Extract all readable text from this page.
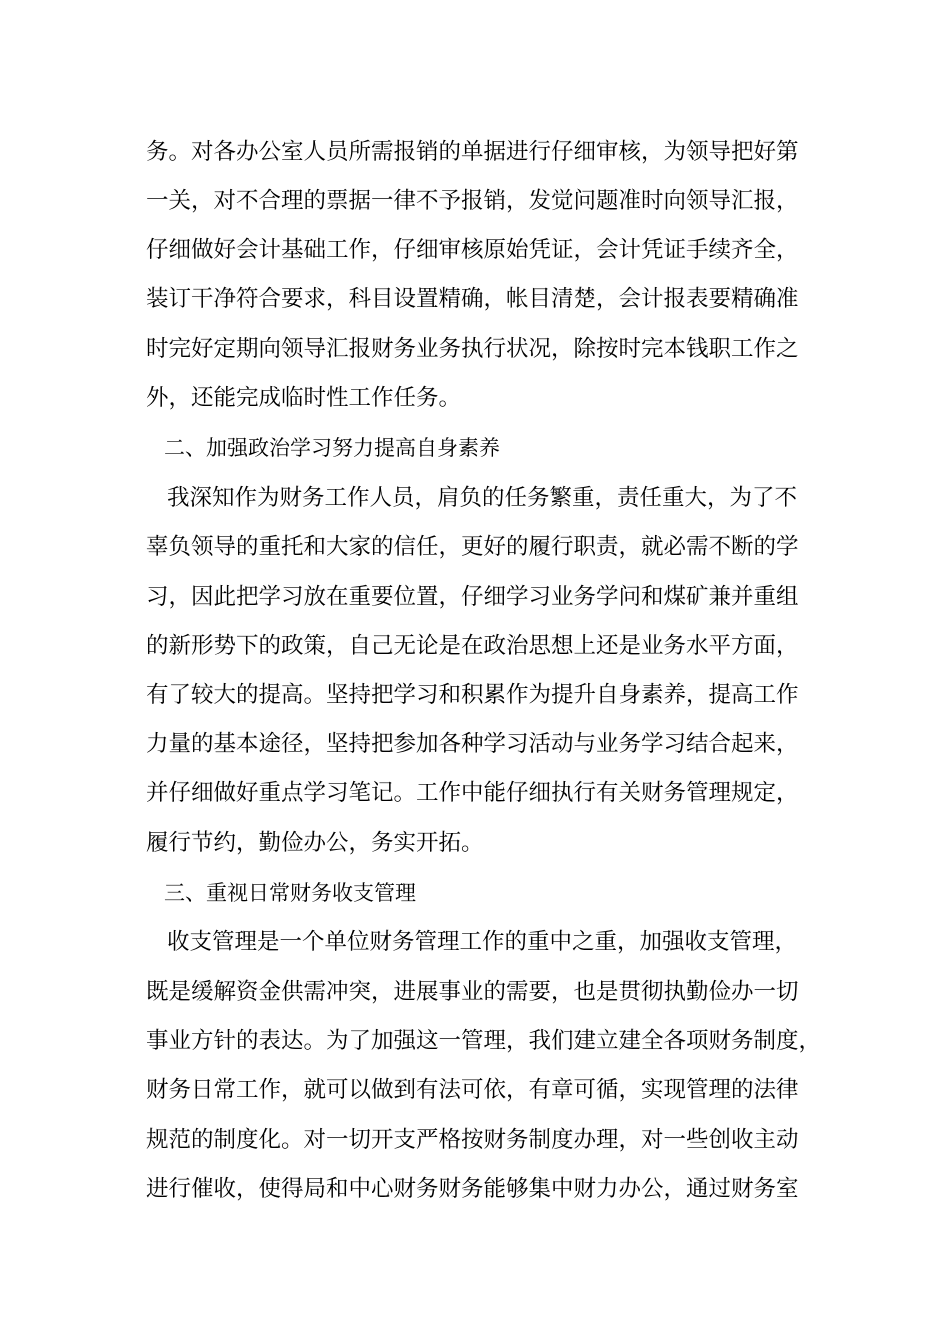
务。对各办公室人员所需报销的单据进行仔细审核，为领导把好第
一关，对不合理的票据一律不予报销，发觉问题准时向领导汇报，
仔细做好会计基础工作，仔细审核原始凭证，会计凭证手续齐全，
装订干净符合要求，科目设置精确，帐目清楚，会计报表要精确准
时完好定期向领导汇报财务业务执行状况，除按时完本钱职工作之
外，还能完成临时性工作任务。
二、加强政治学习努力提高自身素养
我深知作为财务工作人员，肩负的任务繁重，责任重大，为了不
辜负领导的重托和大家的信任，更好的履行职责，就必需不断的学
习，因此把学习放在重要位置，仔细学习业务学问和煤矿兼并重组
的新形势下的政策，自己无论是在政治思想上还是业务水平方面，
有了较大的提高。坚持把学习和积累作为提升自身素养，提高工作
力量的基本途径，坚持把参加各种学习活动与业务学习结合起来，
并仔细做好重点学习笔记。工作中能仔细执行有关财务管理规定，
履行节约，勤俭办公，务实开拓。
三、重视日常财务收支管理
收支管理是一个单位财务管理工作的重中之重，加强收支管理，
既是缓解资金供需冲突，进展事业的需要，也是贯彻执勤俭办一切
事业方针的表达。为了加强这一管理，我们建立建全各项财务制度，
财务日常工作，就可以做到有法可依，有章可循，实现管理的法律
规范的制度化。对一切开支严格按财务制度办理，对一些创收主动
进行催收，使得局和中心财务财务能够集中财力办公，通过财务室
